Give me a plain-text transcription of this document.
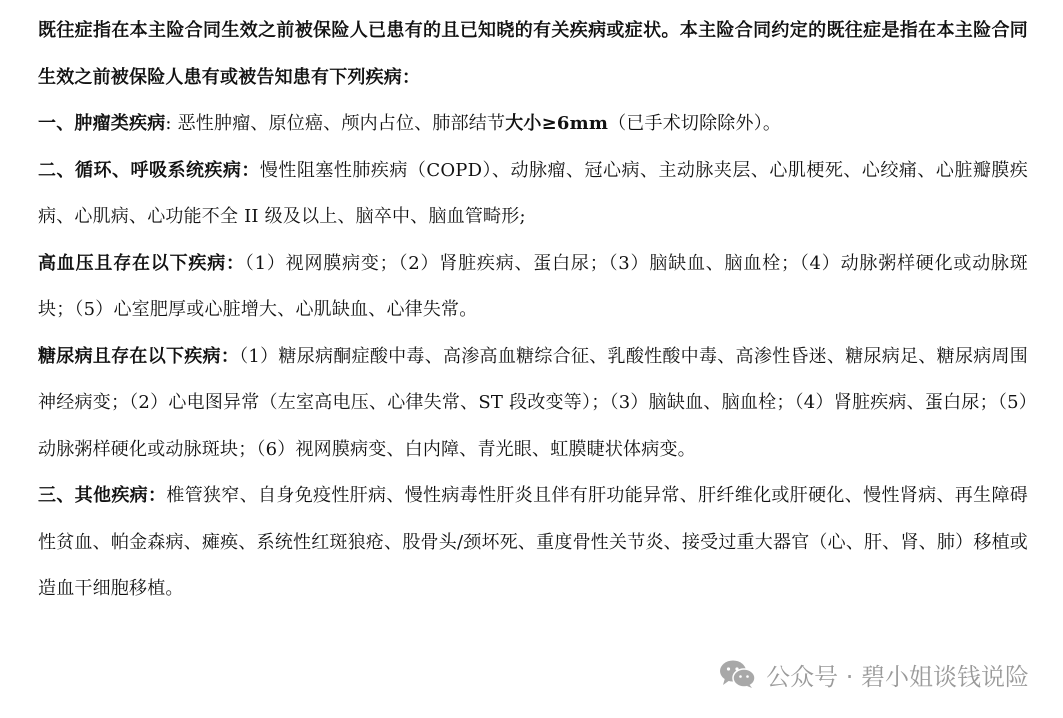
既往症指在本主险合同生效之前被保险人已患有的且已知晓的有关疾病或症状。本主险合同约定的既往症是指在本主险合同生效之前被保险人患有或被告知患有下列疾病：

一、肿瘤类疾病: 恶性肿瘤、原位癌、颅内占位、肺部结节大小≥6mm（已手术切除除外）。

二、循环、呼吸系统疾病：慢性阻塞性肺疾病（COPD）、动脉瘤、冠心病、主动脉夹层、心肌梗死、心绞痛、心脏瓣膜疾病、心肌病、心功能不全 II 级及以上、脑卒中、脑血管畸形;

高血压且存在以下疾病：（1）视网膜病变；（2）肾脏疾病、蛋白尿；（3）脑缺血、脑血栓；（4）动脉粥样硬化或动脉斑块；（5）心室肥厚或心脏增大、心肌缺血、心律失常。

糖尿病且存在以下疾病：（1）糖尿病酮症酸中毒、高渗高血糖综合征、乳酸性酸中毒、高渗性昏迷、糖尿病足、糖尿病周围神经病变；（2）心电图异常（左室高电压、心律失常、ST 段改变等）；（3）脑缺血、脑血栓；（4）肾脏疾病、蛋白尿；（5）动脉粥样硬化或动脉斑块；（6）视网膜病变、白内障、青光眼、虹膜睫状体病变。

三、其他疾病：椎管狭窄、自身免疫性肝病、慢性病毒性肝炎且伴有肝功能异常、肝纤维化或肝硬化、慢性肾病、再生障碍性贫血、帕金森病、瘫痪、系统性红斑狼疮、股骨头/颈坏死、重度骨性关节炎、接受过重大器官（心、肝、肾、肺）移植或造血干细胞移植。

公众号 · 碧小姐谈钱说险
